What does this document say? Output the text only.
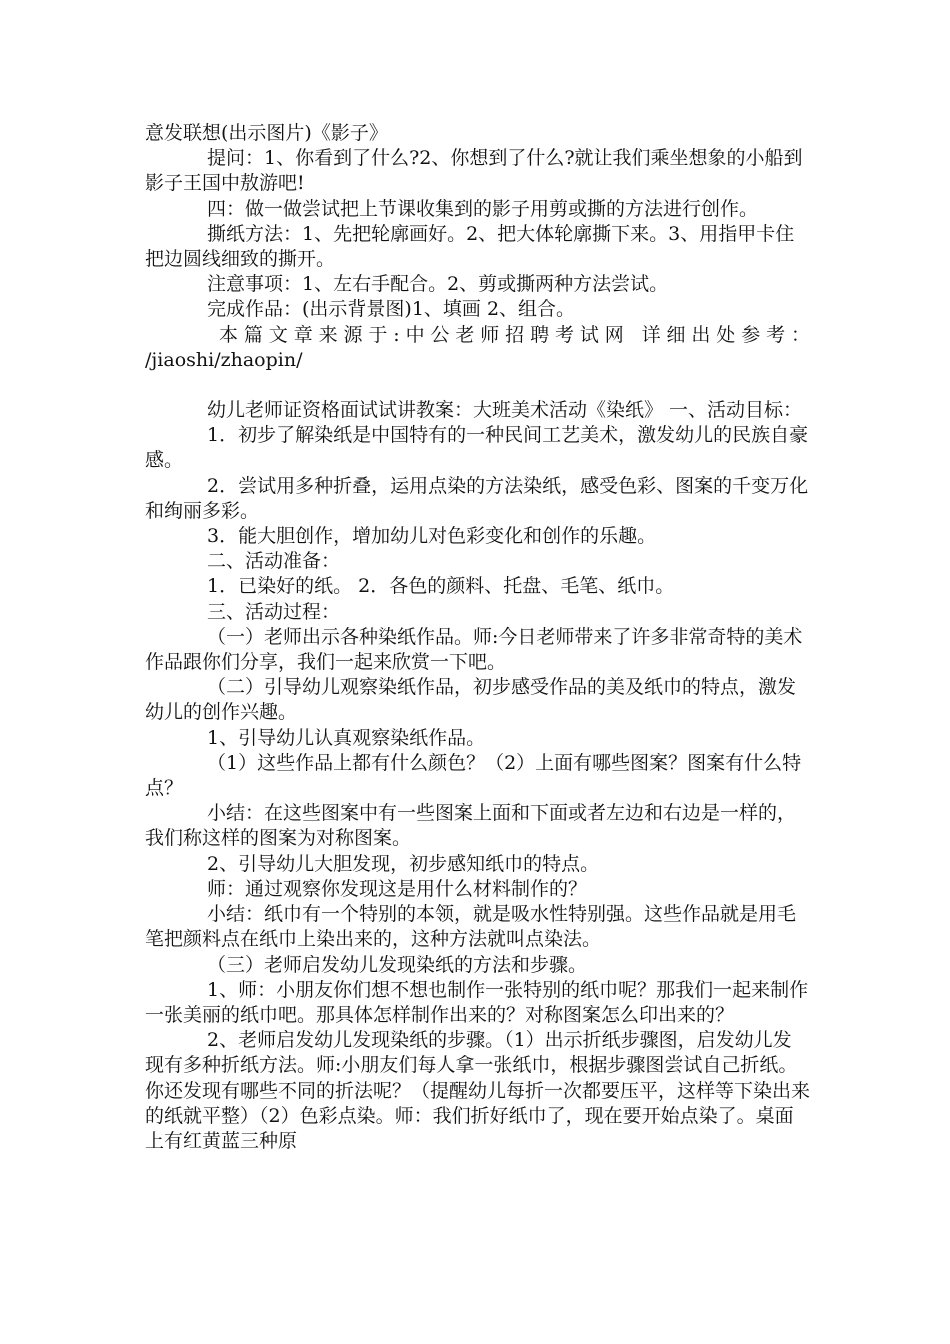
意发联想(出示图片)《影子》

提问：1、你看到了什么?2、你想到了什么?就让我们乘坐想象的小船到影子王国中敖游吧!

四：做一做尝试把上节课收集到的影子用剪或撕的方法进行创作。

撕纸方法：1、先把轮廓画好。2、把大体轮廓撕下来。3、用指甲卡住把边圆线细致的撕开。

注意事项：1、左右手配合。2、剪或撕两种方法尝试。

完成作品：(出示背景图)1、填画 2、组合。

本篇文章来源于:中公老师招聘考试网 详细出处参考：

/jiaoshi/zhaopin/

幼儿老师证资格面试试讲教案：大班美术活动《染纸》 一、活动目标：

1．初步了解染纸是中国特有的一种民间工艺美术，激发幼儿的民族自豪感。

2．尝试用多种折叠，运用点染的方法染纸，感受色彩、图案的千变万化和绚丽多彩。

3．能大胆创作，增加幼儿对色彩变化和创作的乐趣。

二、活动准备：

1．已染好的纸。 2．各色的颜料、托盘、毛笔、纸巾。

三、活动过程：

（一）老师出示各种染纸作品。师:今日老师带来了许多非常奇特的美术作品跟你们分享，我们一起来欣赏一下吧。

（二）引导幼儿观察染纸作品，初步感受作品的美及纸巾的特点，激发幼儿的创作兴趣。

1、引导幼儿认真观察染纸作品。

（1）这些作品上都有什么颜色？（2）上面有哪些图案？图案有什么特点？

小结：在这些图案中有一些图案上面和下面或者左边和右边是一样的，我们称这样的图案为对称图案。

2、引导幼儿大胆发现，初步感知纸巾的特点。

师：通过观察你发现这是用什么材料制作的？

小结：纸巾有一个特别的本领，就是吸水性特别强。这些作品就是用毛笔把颜料点在纸巾上染出来的，这种方法就叫点染法。

（三）老师启发幼儿发现染纸的方法和步骤。

1、师：小朋友你们想不想也制作一张特别的纸巾呢？那我们一起来制作一张美丽的纸巾吧。那具体怎样制作出来的？对称图案怎么印出来的？

2、老师启发幼儿发现染纸的步骤。（1）出示折纸步骤图，启发幼儿发现有多种折纸方法。师:小朋友们每人拿一张纸巾，根据步骤图尝试自己折纸。你还发现有哪些不同的折法呢？（提醒幼儿每折一次都要压平，这样等下染出来的纸就平整）（2）色彩点染。师：我们折好纸巾了，现在要开始点染了。桌面上有红黄蓝三种原
